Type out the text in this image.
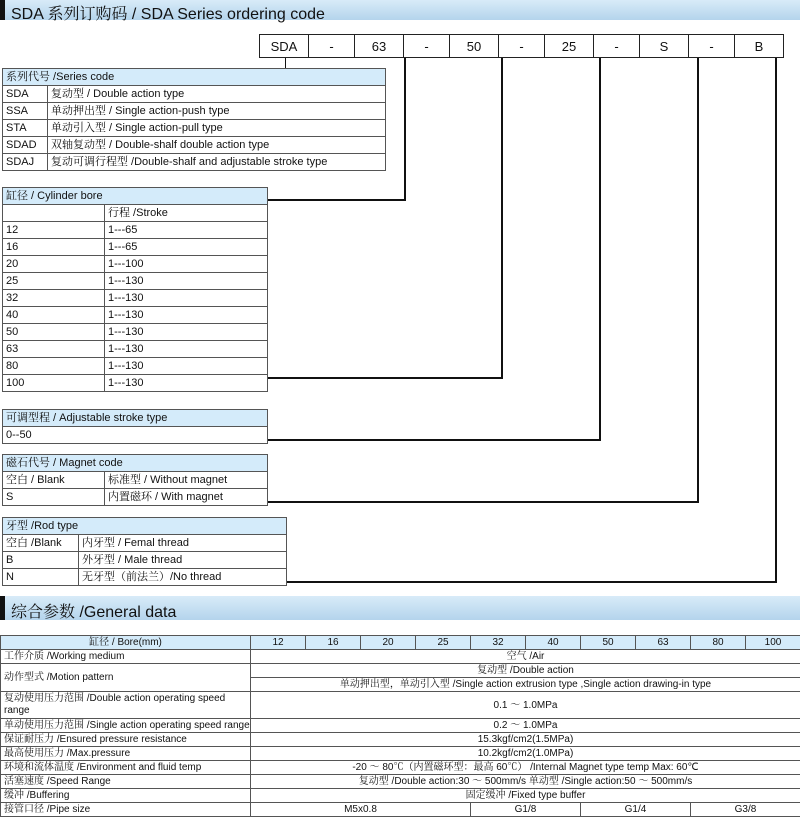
SDA 系列订购码 / SDA Series ordering code
SDA	-	63	-	50	-	25	-	S	-	B
系列代号 /Series code	
SDA	复动型 / Double action type
SSA	单动押出型 / Single action-push type
STA	单动引入型 / Single action-pull type
SDAD	双轴复动型 / Double-shalf double action type
SDAJ	复动可调行程型 /Double-shalf and adjustable stroke type
缸径 / Cylinder bore	
	行程 /Stroke
12	1---65
16	1---65
20	1---100
25	1---130
32	1---130
40	1---130
50	1---130
63	1---130
80	1---130
100	1---130
可调型程 / Adjustable stroke type
0--50
磁石代号 / Magnet code	
空白 / Blank	标准型 / Without magnet
S	内置磁环 / With magnet
牙型 /Rod type	
空白 /Blank	内牙型 / Femal thread
B	外牙型 / Male thread
N	无牙型（前法兰）/No thread
综合参数 /General data
缸径 / Bore(mm)	12	16	20	25	32	40	50	63	80	100
工作介质 /Working medium	空气 /Air									
动作型式 /Motion pattern	复动型 /Double action									
	单动押出型，单动引入型 /Single action extrusion type ,Single action drawing-in type									
复动使用压力范围 /Double action operating speed range	0.1 ～ 1.0MPa									
单动使用压力范围 /Single action operating speed range	0.2 ～ 1.0MPa									
保证耐压力 /Ensured pressure resistance	15.3kgf/cm2(1.5MPa)									
最高使用压力 /Max.pressure	10.2kgf/cm2(1.0MPa)									
环境和流体温度 /Environment and fluid temp	-20 ～ 80℃（内置磁环型：最高 60℃） /Internal Magnet type temp Max: 60℃									
活塞速度 /Speed Range	复动型 /Double action:30 ～ 500mm/s 单动型 /Single action:50 ～ 500mm/s									
缓冲 /Buffering	固定缓冲 /Fixed type buffer									
接管口径 /Pipe size	M5x0.8				G1/8		G1/4		G3/8	
